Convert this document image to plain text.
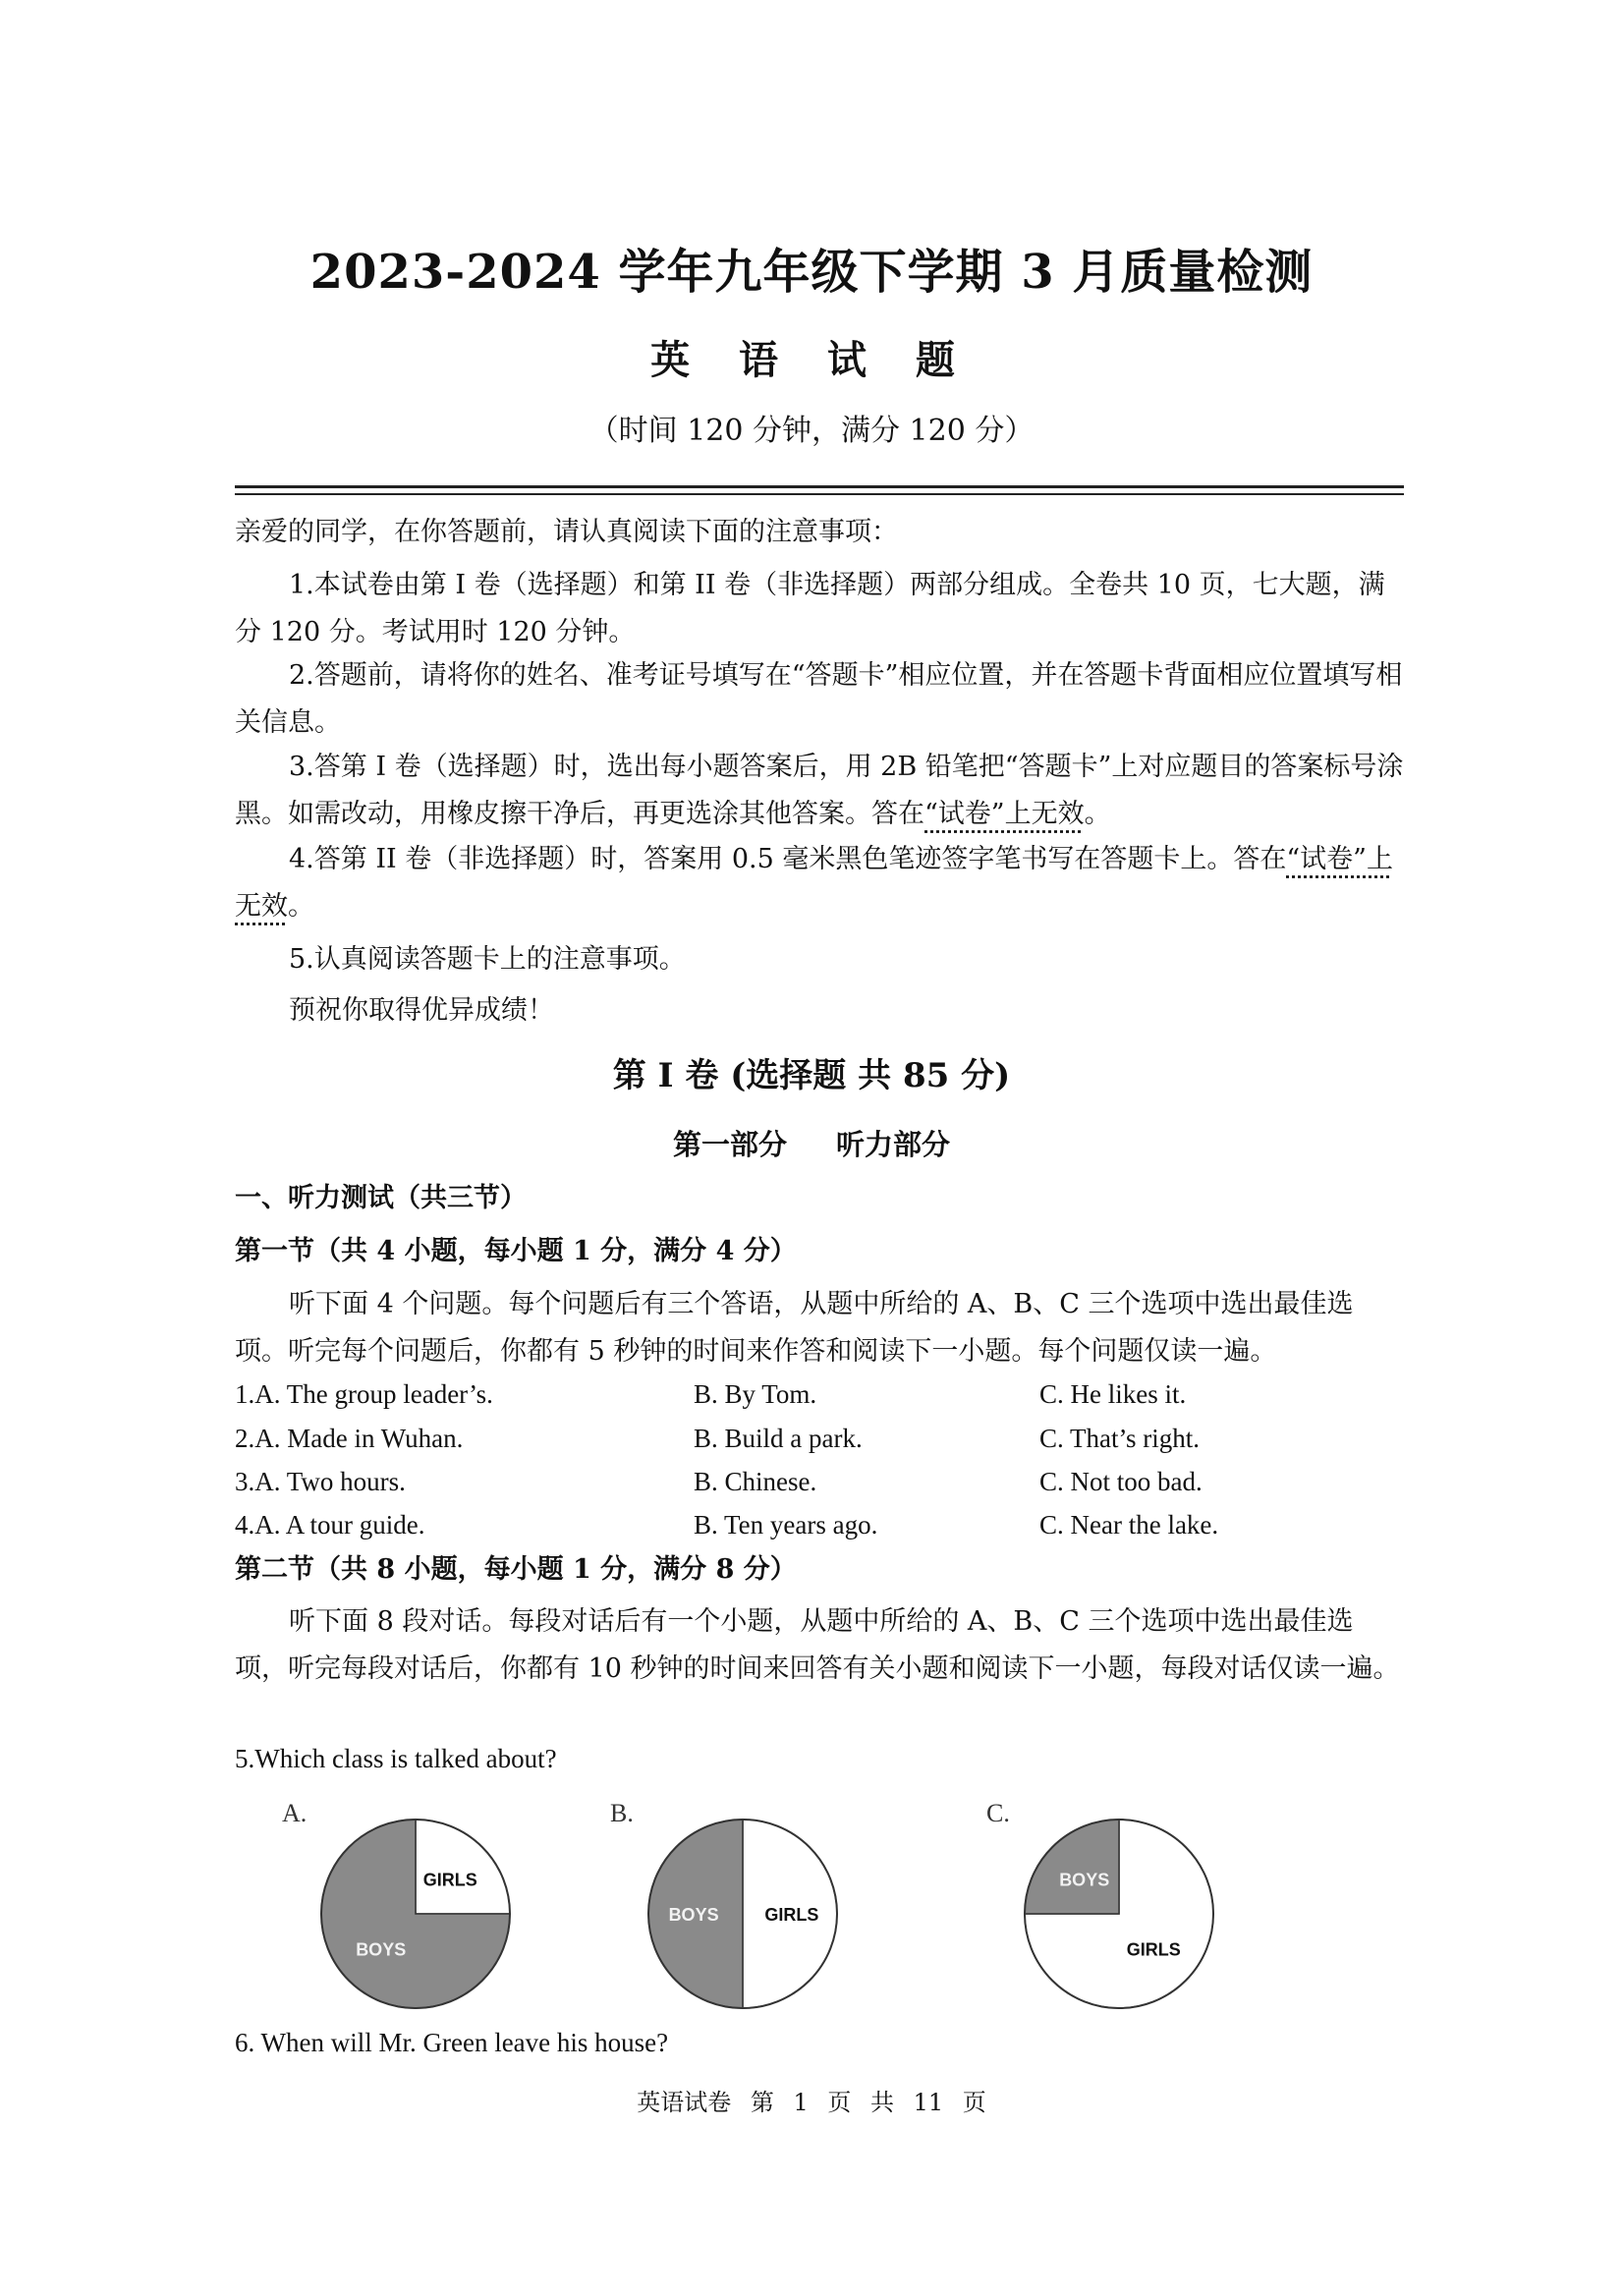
2023-2024 学年九年级下学期 3 月质量检测
英 语 试 题
（时间 120 分钟，满分 120 分）
亲爱的同学，在你答题前，请认真阅读下面的注意事项：
1.本试卷由第 I 卷（选择题）和第 II 卷（非选择题）两部分组成。全卷共 10 页，七大题，满分 120 分。考试用时 120 分钟。
2.答题前，请将你的姓名、准考证号填写在“答题卡”相应位置，并在答题卡背面相应位置填写相关信息。
3.答第 I 卷（选择题）时，选出每小题答案后，用 2B 铅笔把“答题卡”上对应题目的答案标号涂黑。如需改动，用橡皮擦干净后，再更选涂其他答案。答在“试卷”上无效。
4.答第 II 卷（非选择题）时，答案用 0.5 毫米黑色笔迹签字笔书写在答题卡上。答在“试卷”上无效。
5.认真阅读答题卡上的注意事项。
预祝你取得优异成绩！
第 I 卷 (选择题 共 85 分)
第一部分 听力部分
一、听力测试（共三节）
第一节（共 4 小题，每小题 1 分，满分 4 分）
听下面 4 个问题。每个问题后有三个答语，从题中所给的 A、B、C 三个选项中选出最佳选项。听完每个问题后，你都有 5 秒钟的时间来作答和阅读下一小题。每个问题仅读一遍。
1.A. The group leader’s.	B. By Tom.	C. He likes it.
2.A. Made in Wuhan.	B. Build a park.	C. That’s right.
3.A. Two hours.	B. Chinese.	C. Not too bad.
4.A. A tour guide.	B. Ten years ago.	C. Near the lake.
第二节（共 8 小题，每小题 1 分，满分 8 分）
听下面 8 段对话。每段对话后有一个小题，从题中所给的 A、B、C 三个选项中选出最佳选项，听完每段对话后，你都有 10 秒钟的时间来回答有关小题和阅读下一小题，每段对话仅读一遍。
5.Which class is talked about?
A.
GIRLS
BOYS
B.
GIRLS
BOYS
C.
GIRLS
BOYS
6. When will Mr. Green leave his house?
英语试卷 第 1 页 共 11 页
